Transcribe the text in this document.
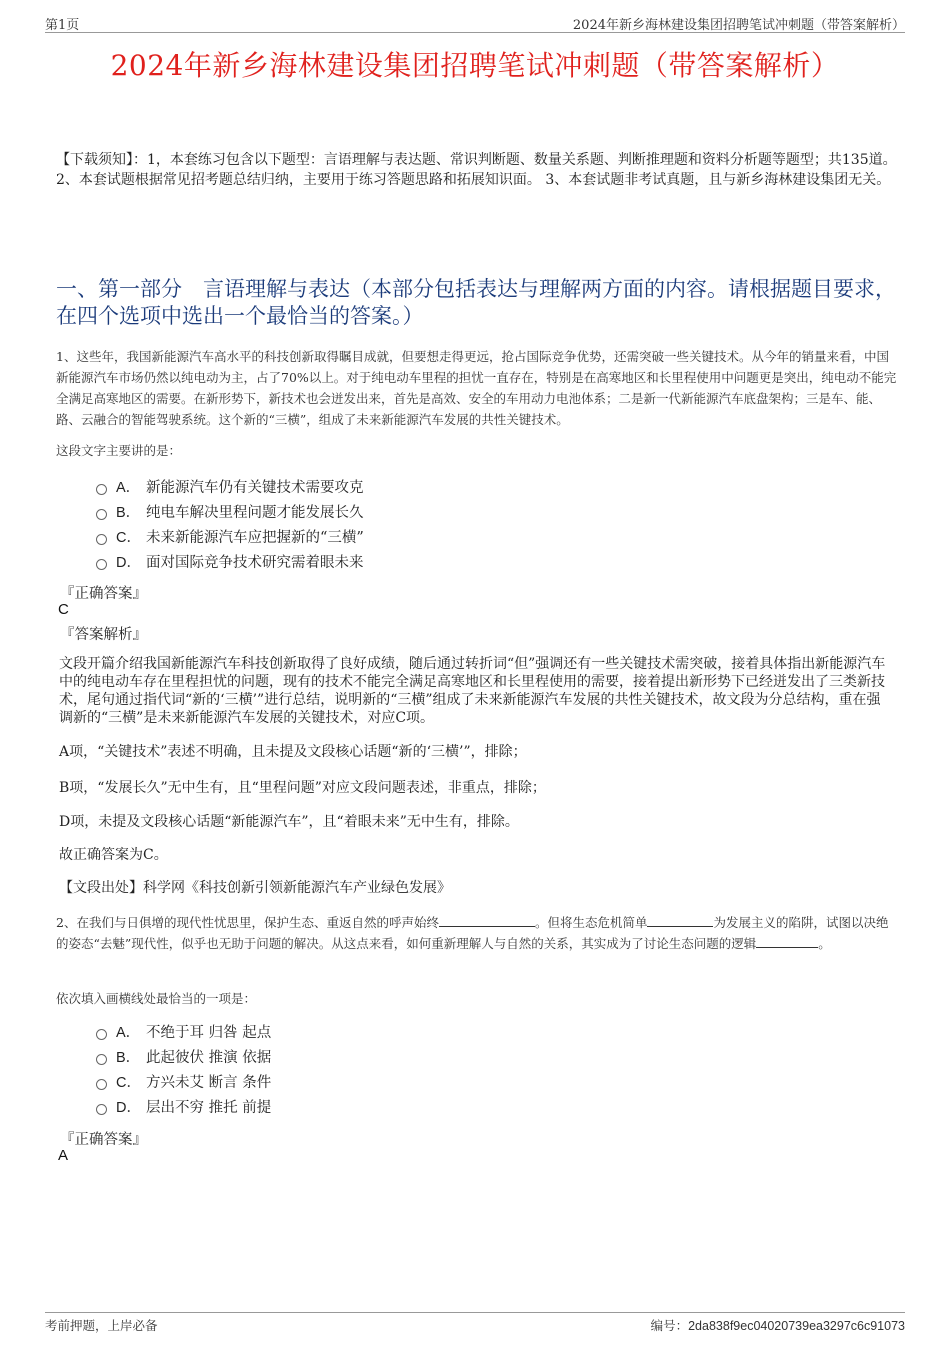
第1页	2024年新乡海林建设集团招聘笔试冲刺题（带答案解析）
2024年新乡海林建设集团招聘笔试冲刺题（带答案解析）
【下载须知】：1，本套练习包含以下题型：言语理解与表达题、常识判断题、数量关系题、判断推理题和资料分析题等题型；共135道。 2、本套试题根据常见招考题总结归纳，主要用于练习答题思路和拓展知识面。 3、本套试题非考试真题，且与新乡海林建设集团无关。
一、第一部分　言语理解与表达（本部分包括表达与理解两方面的内容。请根据题目要求，在四个选项中选出一个最恰当的答案。）
1、这些年，我国新能源汽车高水平的科技创新取得瞩目成就，但要想走得更远，抢占国际竞争优势，还需突破一些关键技术。从今年的销量来看，中国新能源汽车市场仍然以纯电动为主，占了70%以上。对于纯电动车里程的担忧一直存在，特别是在高寒地区和长里程使用中问题更是突出，纯电动不能完全满足高寒地区的需要。在新形势下，新技术也会迸发出来，首先是高效、安全的车用动力电池体系；二是新一代新能源汽车底盘架构；三是车、能、路、云融合的智能驾驶系统。这个新的“三横”，组成了未来新能源汽车发展的共性关键技术。
这段文字主要讲的是：
A． 新能源汽车仍有关键技术需要攻克
B． 纯电车解决里程问题才能发展长久
C． 未来新能源汽车应把握新的“三横”
D． 面对国际竞争技术研究需着眼未来
『正确答案』
C
『答案解析』
文段开篇介绍我国新能源汽车科技创新取得了良好成绩，随后通过转折词“但”强调还有一些关键技术需突破，接着具体指出新能源汽车中的纯电动车存在里程担忧的问题，现有的技术不能完全满足高寒地区和长里程使用的需要，接着提出新形势下已经迸发出了三类新技术，尾句通过指代词“新的‘三横’”进行总结，说明新的“三横”组成了未来新能源汽车发展的共性关键技术，故文段为分总结构，重在强调新的“三横”是未来新能源汽车发展的关键技术，对应C项。
A项，“关键技术”表述不明确，且未提及文段核心话题“新的‘三横’”，排除；
B项，“发展长久”无中生有，且“里程问题”对应文段问题表述，非重点，排除；
D项，未提及文段核心话题“新能源汽车”，且“着眼未来”无中生有，排除。
故正确答案为C。
【文段出处】科学网《科技创新引领新能源汽车产业绿色发展》
2、在我们与日俱增的现代性忧思里，保护生态、重返自然的呼声始终	。但将生态危机简单	为发展主义的陷阱，试图以决绝的姿态“去魅”现代性，似乎也无助于问题的解决。从这点来看，如何重新理解人与自然的关系，其实成为了讨论生态问题的逻辑	。
依次填入画横线处最恰当的一项是：
A． 不绝于耳 归咎 起点
B． 此起彼伏 推演 依据
C． 方兴未艾 断言 条件
D． 层出不穷 推托 前提
『正确答案』
A
考前押题，上岸必备	编号：2da838f9ec04020739ea3297c6c91073
